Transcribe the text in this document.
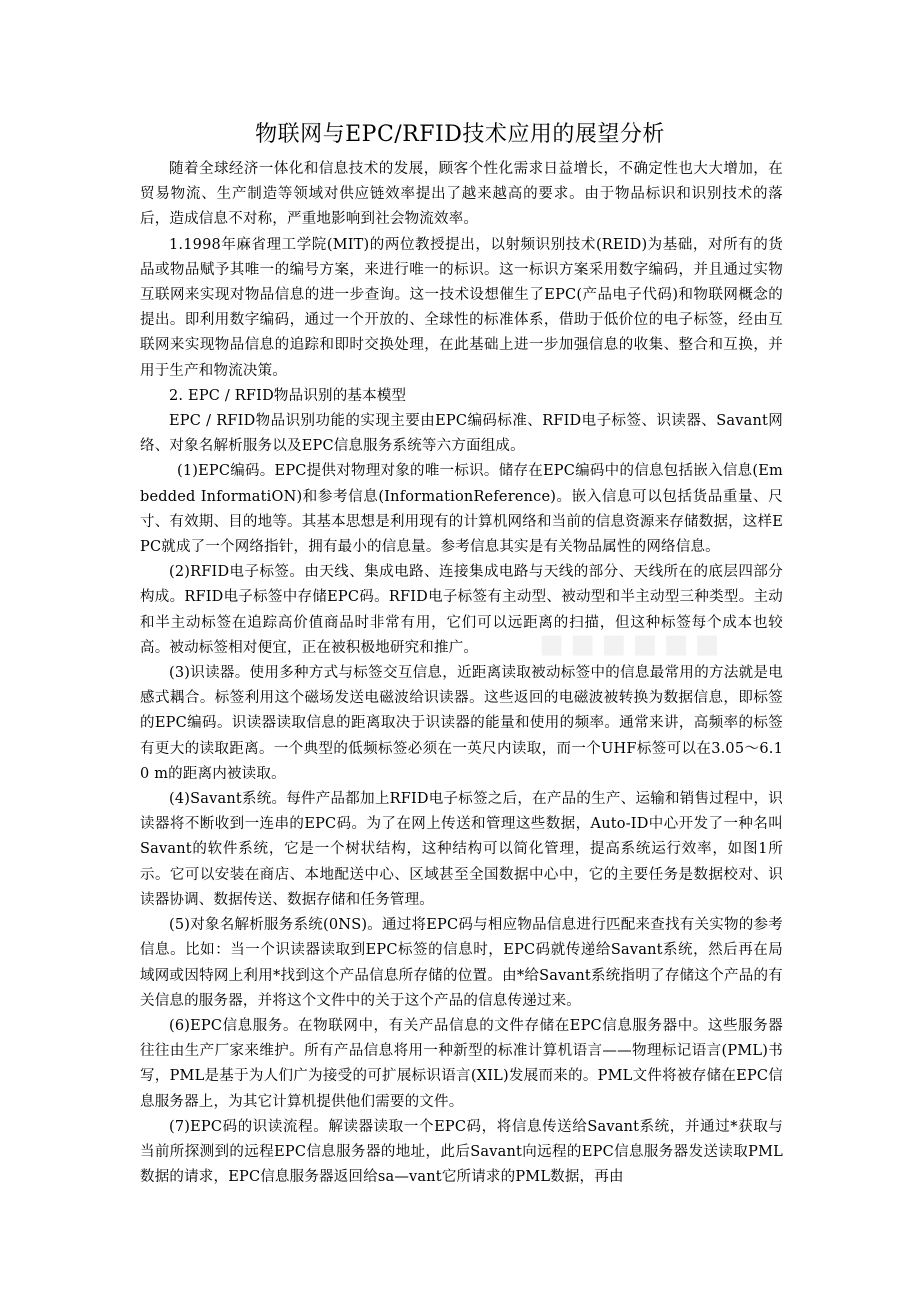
物联网与EPC/RFID技术应用的展望分析

随着全球经济一体化和信息技术的发展，顾客个性化需求日益增长，不确定性也大大增加，在贸易物流、生产制造等领域对供应链效率提出了越来越高的要求。由于物品标识和识别技术的落后，造成信息不对称，严重地影响到社会物流效率。

1.1998年麻省理工学院(MIT)的两位教授提出，以射频识别技术(REID)为基础，对所有的货品或物品赋予其唯一的编号方案，来进行唯一的标识。这一标识方案采用数字编码，并且通过实物互联网来实现对物品信息的进一步查询。这一技术设想催生了EPC(产品电子代码)和物联网概念的提出。即利用数字编码，通过一个开放的、全球性的标准体系，借助于低价位的电子标签，经由互联网来实现物品信息的追踪和即时交换处理，在此基础上进一步加强信息的收集、整合和互换，并用于生产和物流决策。

2. EPC / RFID物品识别的基本模型

EPC / RFID物品识别功能的实现主要由EPC编码标准、RFID电子标签、识读器、Savant网络、对象名解析服务以及EPC信息服务系统等六方面组成。

(1)EPC编码。EPC提供对物理对象的唯一标识。储存在EPC编码中的信息包括嵌入信息(Embedded InformatiON)和参考信息(InformationReference)。嵌入信息可以包括货品重量、尺寸、有效期、目的地等。其基本思想是利用现有的计算机网络和当前的信息资源来存储数据，这样EPC就成了一个网络指针，拥有最小的信息量。参考信息其实是有关物品属性的网络信息。

(2)RFID电子标签。由天线、集成电路、连接集成电路与天线的部分、天线所在的底层四部分构成。RFID电子标签中存储EPC码。RFID电子标签有主动型、被动型和半主动型三种类型。主动和半主动标签在追踪高价值商品时非常有用，它们可以远距离的扫描，但这种标签每个成本也较高。被动标签相对便宜，正在被积极地研究和推广。

(3)识读器。使用多种方式与标签交互信息，近距离读取被动标签中的信息最常用的方法就是电感式耦合。标签利用这个磁场发送电磁波给识读器。这些返回的电磁波被转换为数据信息，即标签的EPC编码。识读器读取信息的距离取决于识读器的能量和使用的频率。通常来讲，高频率的标签有更大的读取距离。一个典型的低频标签必须在一英尺内读取，而一个UHF标签可以在3.05～6.10 m的距离内被读取。

(4)Savant系统。每件产品都加上RFID电子标签之后，在产品的生产、运输和销售过程中，识读器将不断收到一连串的EPC码。为了在网上传送和管理这些数据，Auto-ID中心开发了一种名叫Savant的软件系统，它是一个树状结构，这种结构可以简化管理，提高系统运行效率，如图1所示。它可以安装在商店、本地配送中心、区域甚至全国数据中心中，它的主要任务是数据校对、识读器协调、数据传送、数据存储和任务管理。

(5)对象名解析服务系统(0NS)。通过将EPC码与相应物品信息进行匹配来查找有关实物的参考信息。比如：当一个识读器读取到EPC标签的信息时，EPC码就传递给Savant系统，然后再在局域网或因特网上利用*找到这个产品信息所存储的位置。由*给Savant系统指明了存储这个产品的有关信息的服务器，并将这个文件中的关于这个产品的信息传递过来。

(6)EPC信息服务。在物联网中，有关产品信息的文件存储在EPC信息服务器中。这些服务器往往由生产厂家来维护。所有产品信息将用一种新型的标准计算机语言——物理标记语言(PML)书写，PML是基于为人们广为接受的可扩展标识语言(XIL)发展而来的。PML文件将被存储在EPC信息服务器上，为其它计算机提供他们需要的文件。

(7)EPC码的识读流程。解读器读取一个EPC码，将信息传送给Savant系统，并通过*获取与当前所探测到的远程EPC信息服务器的地址，此后Savant向远程的EPC信息服务器发送读取PML数据的请求，EPC信息服务器返回给sa—vant它所请求的PML数据，再由

▪▪▪▪▪▪
